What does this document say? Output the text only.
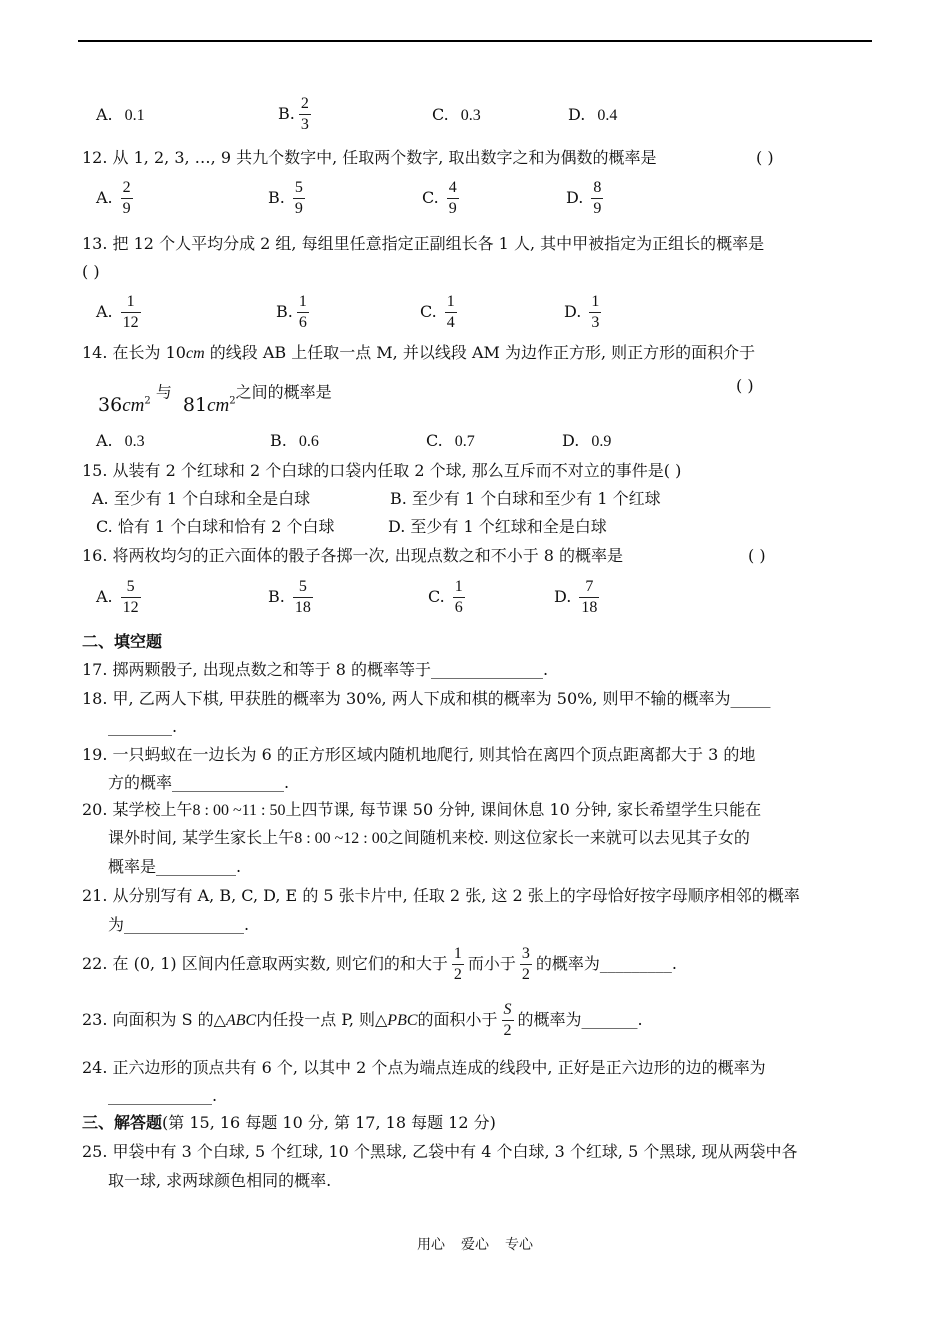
A. 0.1	B. $\frac{2}{3}$	C. 0.3	D. 0.4
12. 从 1, 2, 3, …, 9 共九个数字中, 任取两个数字, 取出数字之和为偶数的概率是	( )
A. $\frac{2}{9}$	B. $\frac{5}{9}$	C. $\frac{4}{9}$	D. $\frac{8}{9}$
13. 把 12 个人平均分成 2 组, 每组里任意指定正副组长各 1 人, 其中甲被指定为正组长的概率是
( )
A. $\frac{1}{12}$	B. $\frac{1}{6}$	C. $\frac{1}{4}$	D. $\frac{1}{3}$
14. 在长为 10cm 的线段 AB 上任取一点 M, 并以线段 AM 为边作正方形, 则正方形的面积介于
$36cm^2$ 与 $81cm^2$之间的概率是	( )
A. 0.3	B. 0.6	C. 0.7	D. 0.9
15. 从装有 2 个红球和 2 个白球的口袋内任取 2 个球, 那么互斥而不对立的事件是( )
A. 至少有 1 个白球和全是白球	B. 至少有 1 个白球和至少有 1 个红球
C. 恰有 1 个白球和恰有 2 个白球	D. 至少有 1 个红球和全是白球
16. 将两枚均匀的正六面体的骰子各掷一次, 出现点数之和不小于 8 的概率是	( )
A. $\frac{5}{12}$	B. $\frac{5}{18}$	C. $\frac{1}{6}$	D. $\frac{7}{18}$
二、填空题
17. 掷两颗骰子, 出现点数之和等于 8 的概率等于______________.
18. 甲, 乙两人下棋, 甲获胜的概率为 30%, 两人下成和棋的概率为 50%, 则甲不输的概率为_____
________.
19. 一只蚂蚁在一边长为 6 的正方形区域内随机地爬行, 则其恰在离四个顶点距离都大于 3 的地
方的概率______________.
20. 某学校上午8 : 00 ~11 : 50上四节课, 每节课 50 分钟, 课间休息 10 分钟, 家长希望学生只能在
课外时间, 某学生家长上午8 : 00 ~12 : 00之间随机来校. 则这位家长一来就可以去见其子女的
概率是__________.
21. 从分别写有 A, B, C, D, E 的 5 张卡片中, 任取 2 张, 这 2 张上的字母恰好按字母顺序相邻的概率
为_______________.
22. 在 (0, 1) 区间内任意取两实数, 则它们的和大于 $\frac{1}{2}$ 而小于 $\frac{3}{2}$ 的概率为_________.
23. 向面积为 S 的△ABC内任投一点 P, 则△PBC的面积小于 $\frac{S}{2}$ 的概率为_______.
24. 正六边形的顶点共有 6 个, 以其中 2 个点为端点连成的线段中, 正好是正六边形的边的概率为
_____________.
三、解答题(第 15, 16 每题 10 分, 第 17, 18 每题 12 分)
25. 甲袋中有 3 个白球, 5 个红球, 10 个黑球, 乙袋中有 4 个白球, 3 个红球, 5 个黑球, 现从两袋中各
取一球, 求两球颜色相同的概率.
用心 爱心 专心
